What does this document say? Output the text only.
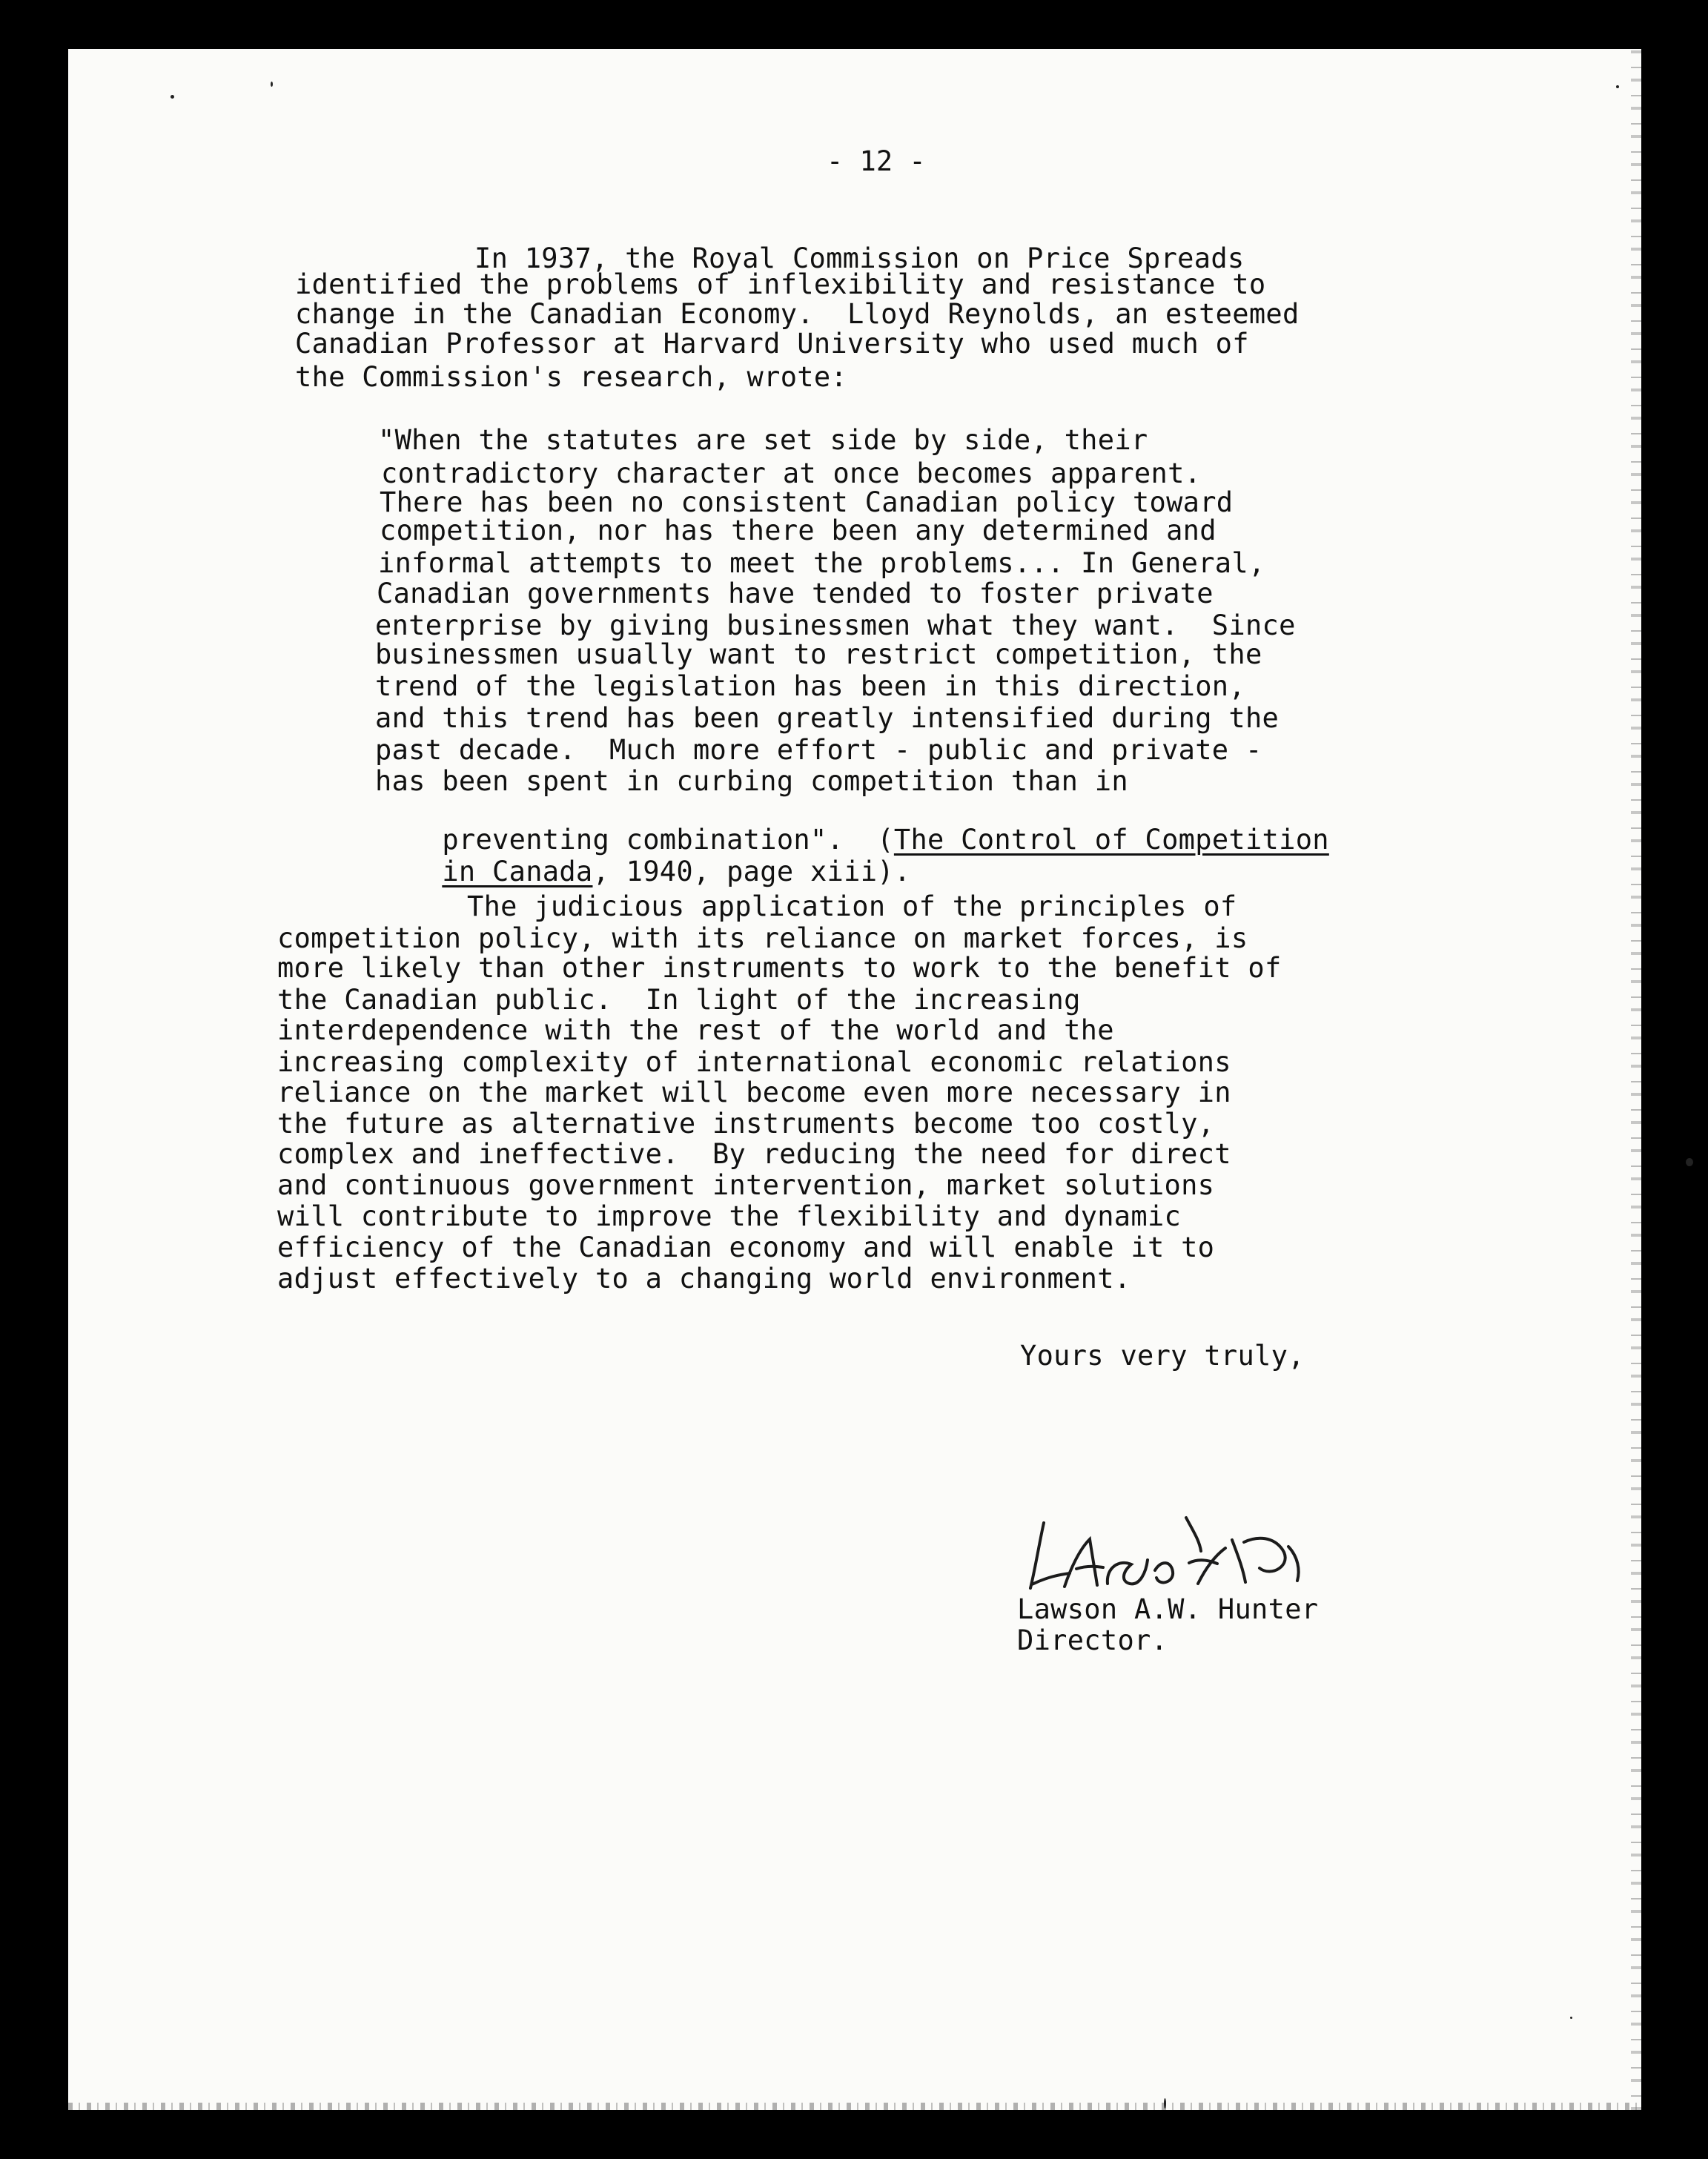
- 12 -
In 1937, the Royal Commission on Price Spreads
identified the problems of inflexibility and resistance to
change in the Canadian Economy.  Lloyd Reynolds, an esteemed
Canadian Professor at Harvard University who used much of
the Commission's research, wrote:
"When the statutes are set side by side, their
contradictory character at once becomes apparent.
There has been no consistent Canadian policy toward
competition, nor has there been any determined and
informal attempts to meet the problems... In General,
Canadian governments have tended to foster private
enterprise by giving businessmen what they want.  Since
businessmen usually want to restrict competition, the
trend of the legislation has been in this direction,
and this trend has been greatly intensified during the
past decade.  Much more effort - public and private -
has been spent in curbing competition than in

preventing combination".  (The Control of Competition

in Canada, 1940, page xiii).

The judicious application of the principles of
competition policy, with its reliance on market forces, is
more likely than other instruments to work to the benefit of
the Canadian public.  In light of the increasing
interdependence with the rest of the world and the
increasing complexity of international economic relations
reliance on the market will become even more necessary in
the future as alternative instruments become too costly,
complex and ineffective.  By reducing the need for direct
and continuous government intervention, market solutions
will contribute to improve the flexibility and dynamic
efficiency of the Canadian economy and will enable it to
adjust effectively to a changing world environment.
Yours very truly,
Lawson A.W. Hunter
Director.
